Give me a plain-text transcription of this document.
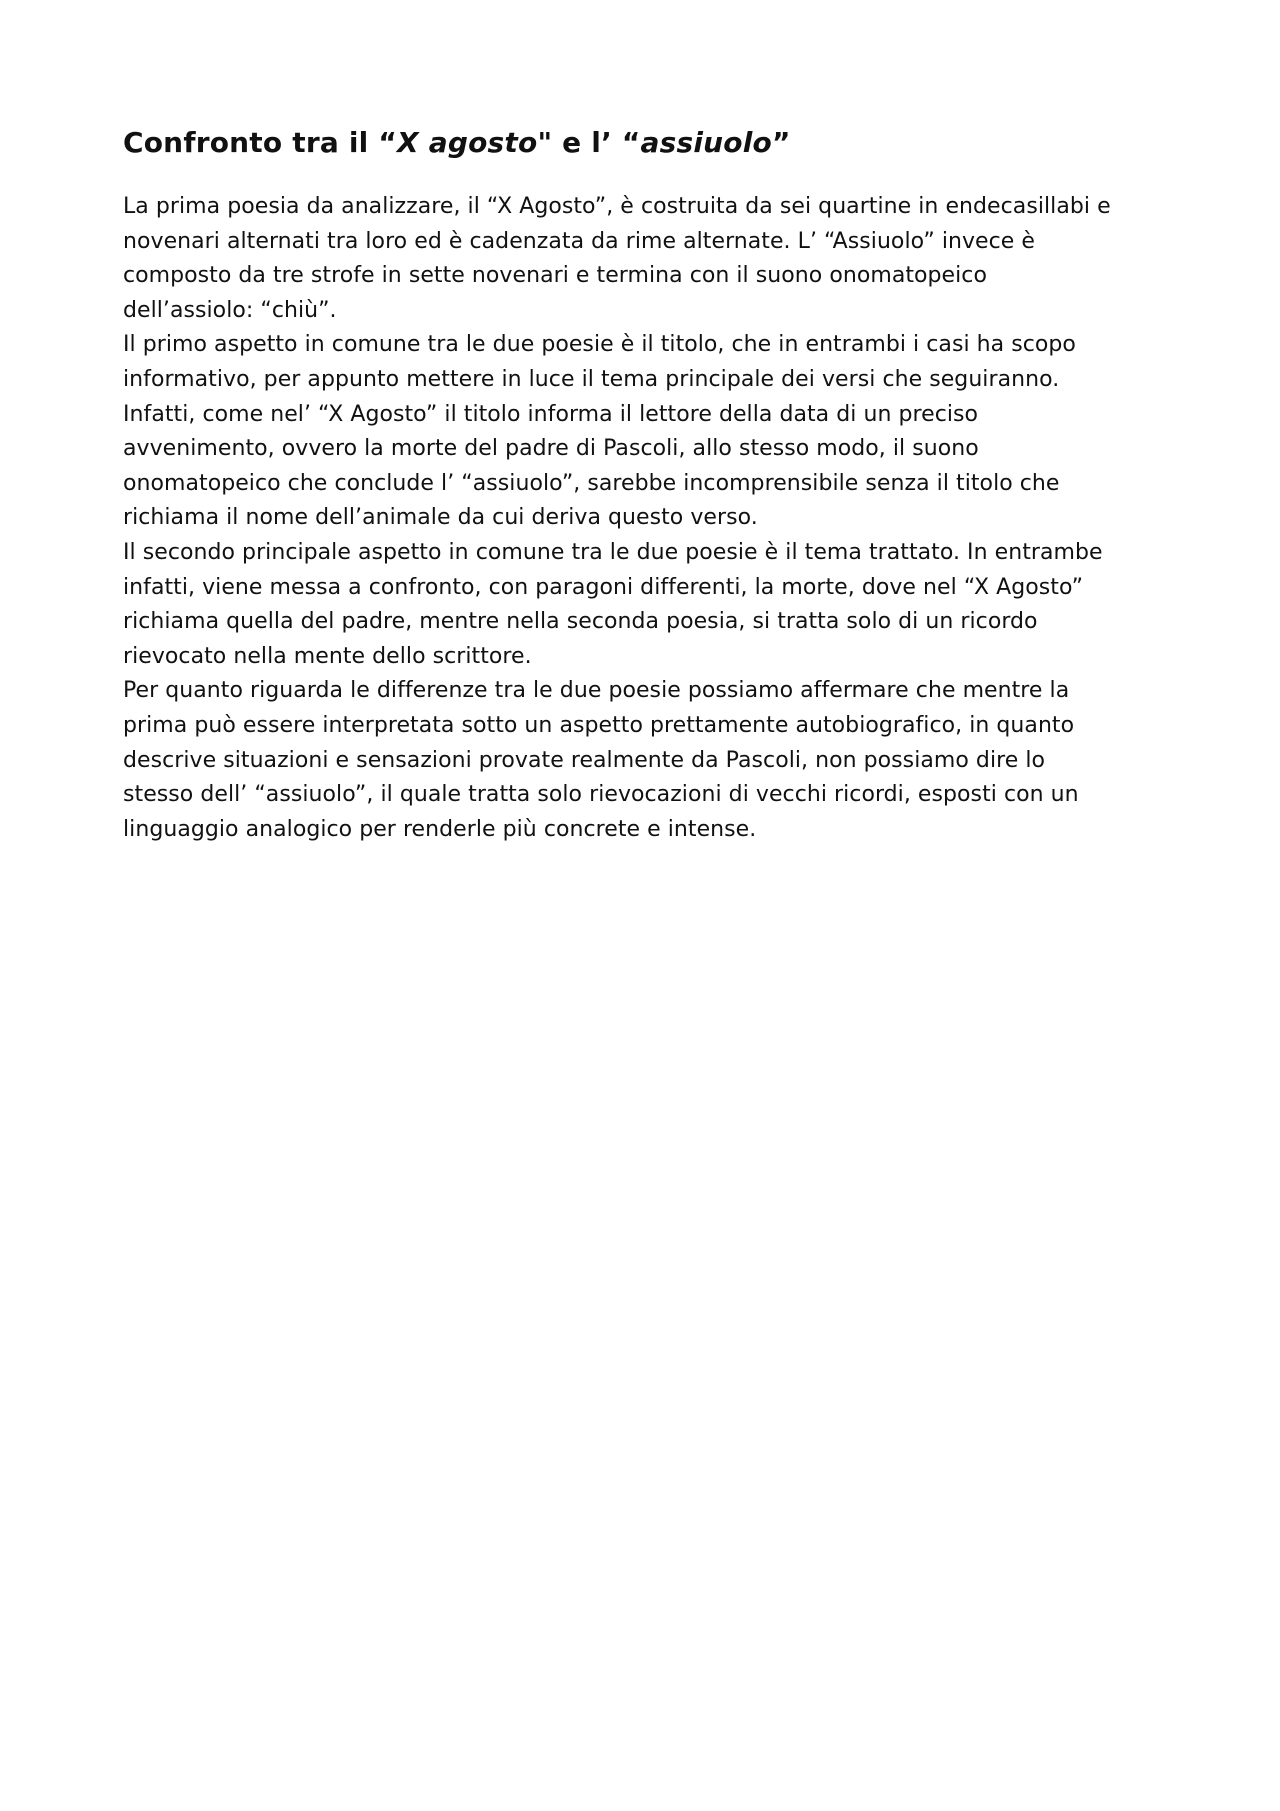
Confronto tra il “X agosto" e l’ “assiuolo”

La prima poesia da analizzare, il “X Agosto”, è costruita da sei quartine in endecasillabi e
novenari alternati tra loro ed è cadenzata da rime alternate. L’ “Assiuolo” invece è
composto da tre strofe in sette novenari e termina con il suono onomatopeico
dell’assiolo: “chiù”.

Il primo aspetto in comune tra le due poesie è il titolo, che in entrambi i casi ha scopo
informativo, per appunto mettere in luce il tema principale dei versi che seguiranno.
Infatti, come nel’ “X Agosto” il titolo informa il lettore della data di un preciso
avvenimento, ovvero la morte del padre di Pascoli, allo stesso modo, il suono
onomatopeico che conclude l’ “assiuolo”, sarebbe incomprensibile senza il titolo che
richiama il nome dell’animale da cui deriva questo verso.

Il secondo principale aspetto in comune tra le due poesie è il tema trattato. In entrambe
infatti, viene messa a confronto, con paragoni differenti, la morte, dove nel “X Agosto”
richiama quella del padre, mentre nella seconda poesia, si tratta solo di un ricordo
rievocato nella mente dello scrittore.

Per quanto riguarda le differenze tra le due poesie possiamo affermare che mentre la
prima può essere interpretata sotto un aspetto prettamente autobiografico, in quanto
descrive situazioni e sensazioni provate realmente da Pascoli, non possiamo dire lo
stesso dell’ “assiuolo”, il quale tratta solo rievocazioni di vecchi ricordi, esposti con un
linguaggio analogico per renderle più concrete e intense.
